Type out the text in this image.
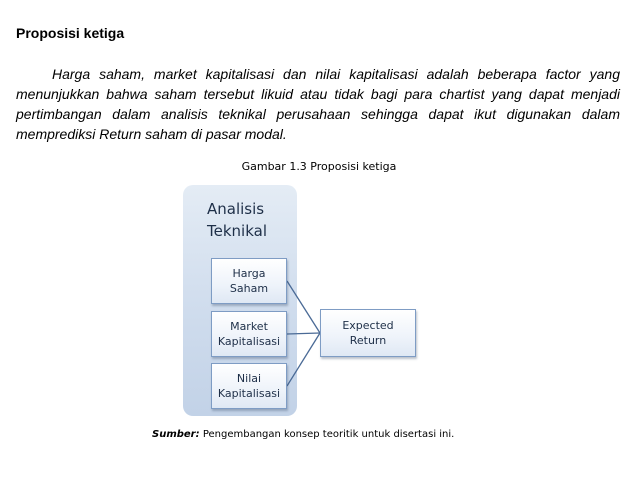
Proposisi ketiga

Harga saham, market kapitalisasi dan nilai kapitalisasi adalah beberapa factor yang menunjukkan bahwa saham tersebut likuid atau tidak bagi para chartist yang dapat menjadi pertimbangan dalam analisis teknikal perusahaan sehingga dapat ikut digunakan dalam memprediksi Return saham di pasar modal.

Gambar 1.3 Proposisi ketiga

Analisis
Teknikal

Harga
Saham
Market
Kapitalisasi
Nilai
Kapitalisasi
Expected
Return

Sumber: Pengembangan konsep teoritik untuk disertasi ini.
